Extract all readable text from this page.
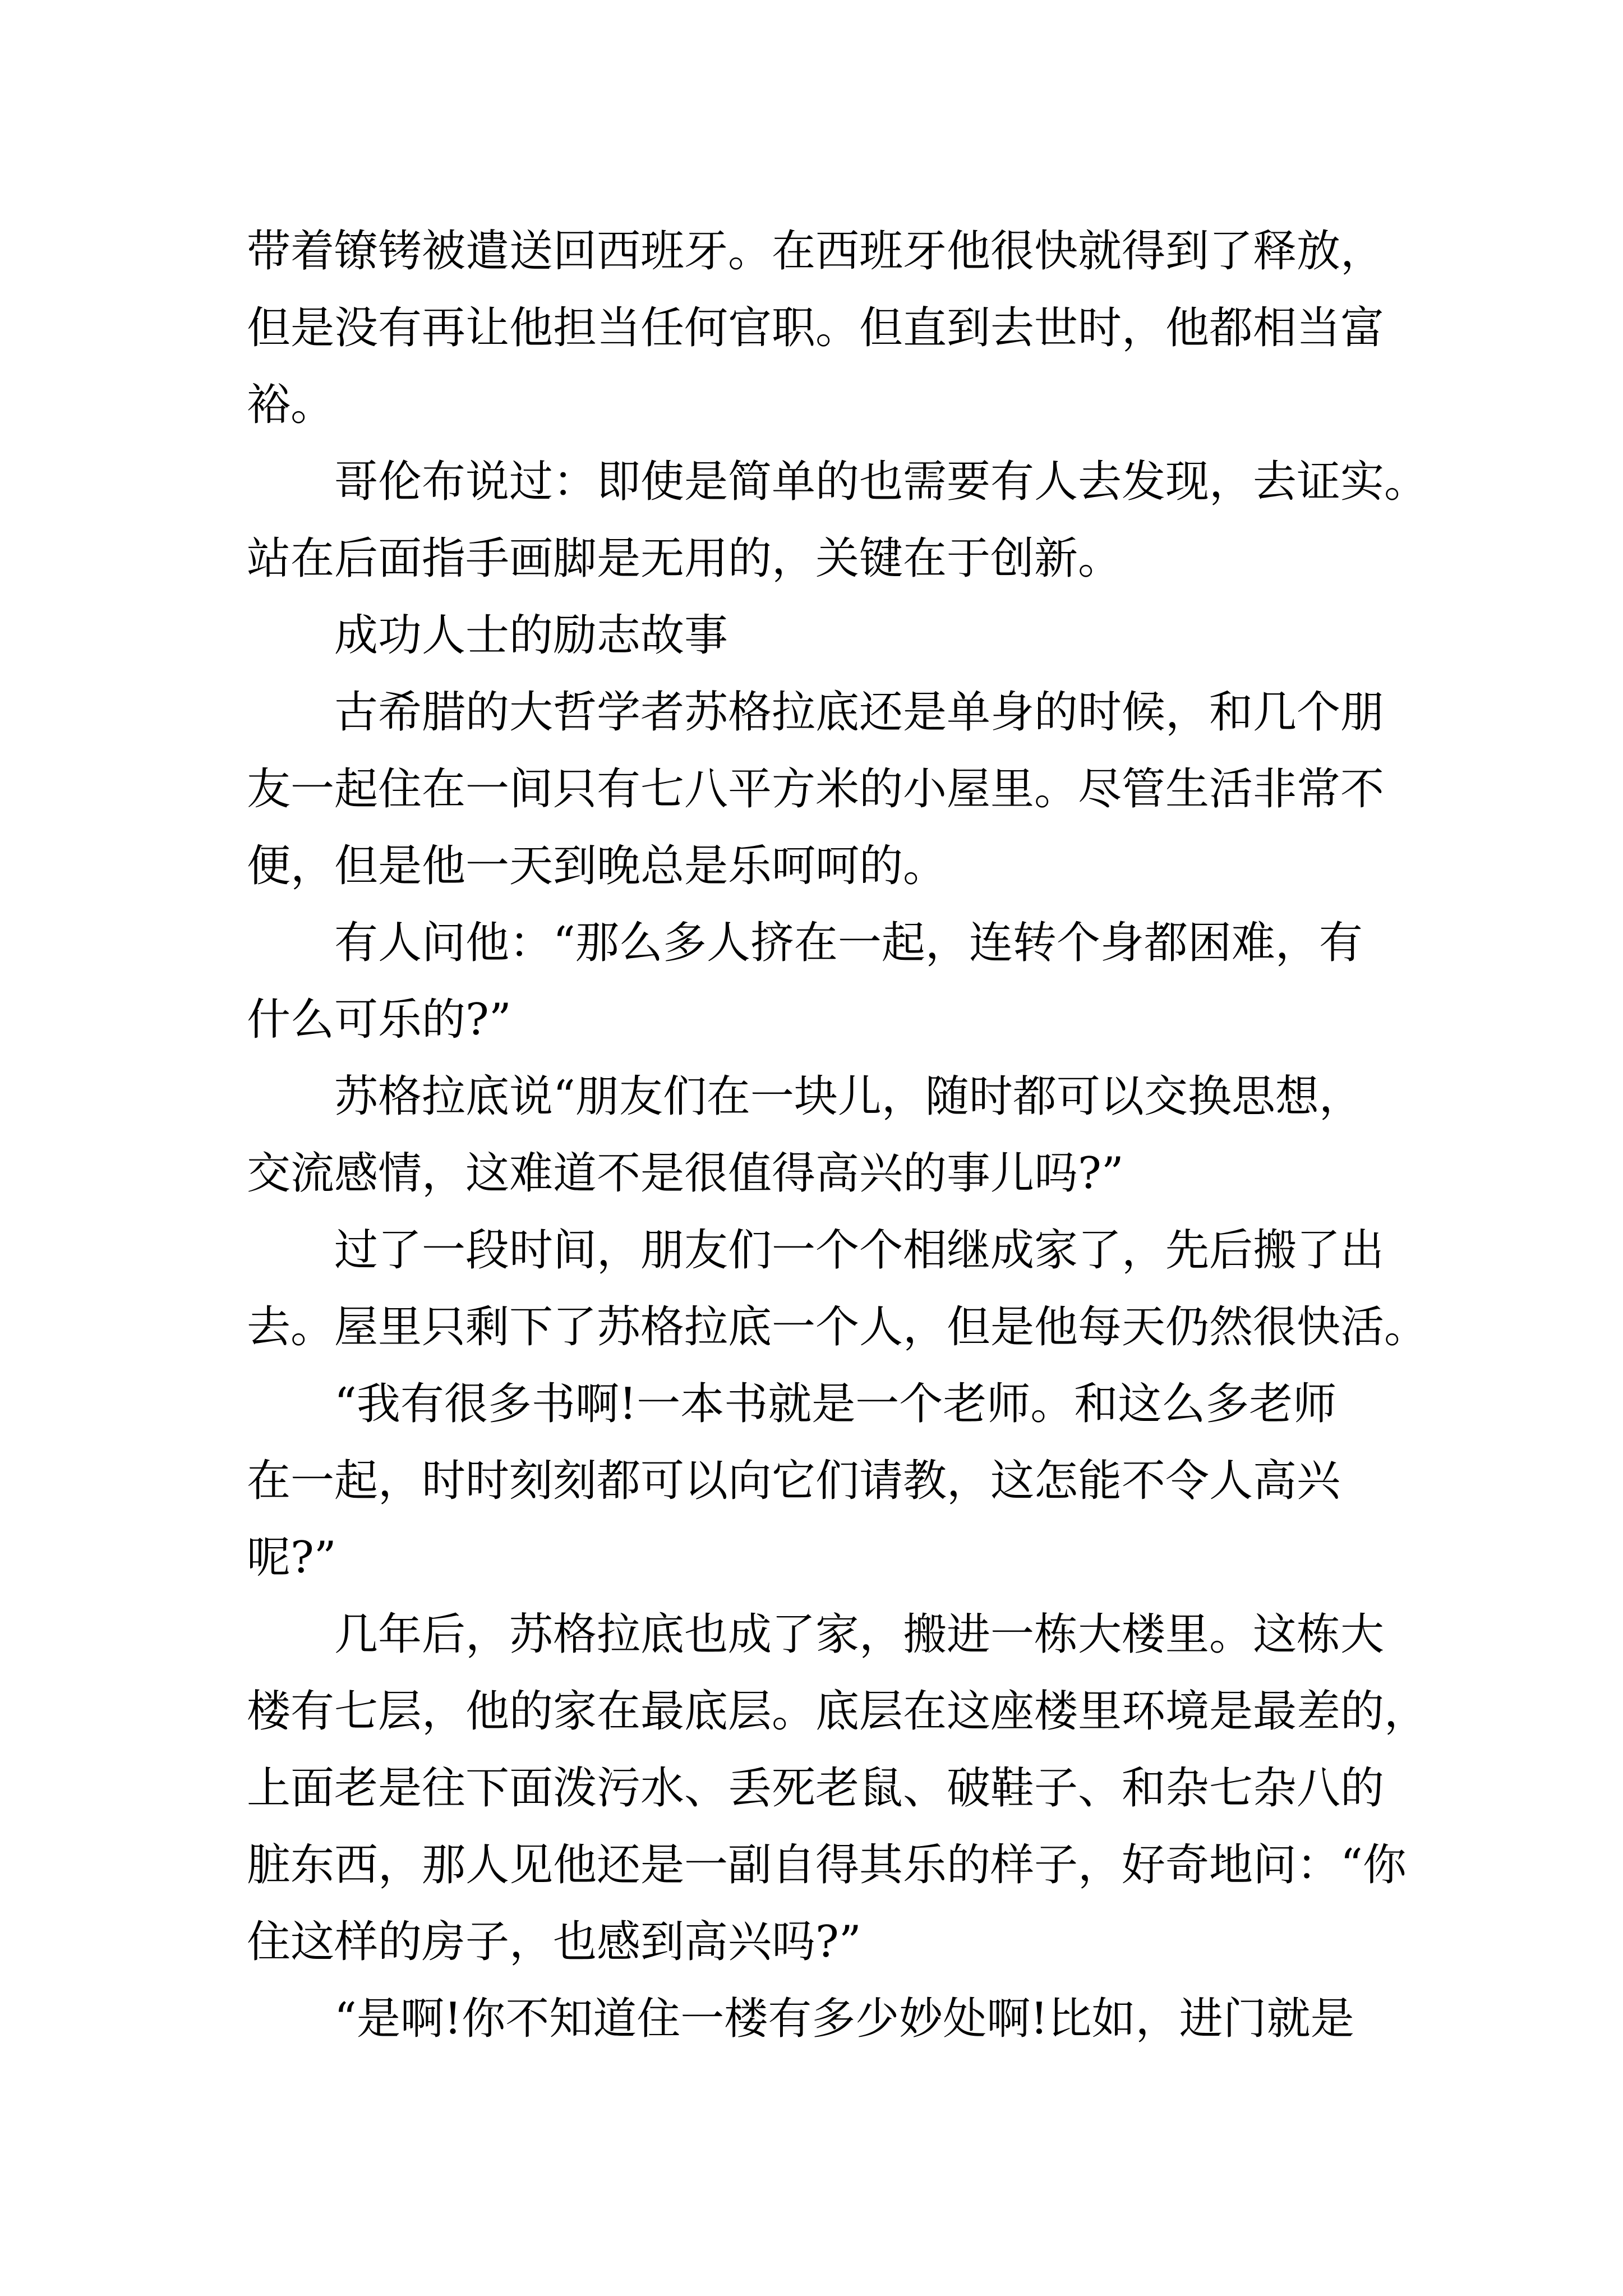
带着镣铐被遣送回西班牙。在西班牙他很快就得到了释放，
但是没有再让他担当任何官职。但直到去世时，他都相当富
裕。

哥伦布说过：即使是简单的也需要有人去发现，去证实。
站在后面指手画脚是无用的，关键在于创新。

成功人士的励志故事

古希腊的大哲学者苏格拉底还是单身的时候，和几个朋
友一起住在一间只有七八平方米的小屋里。尽管生活非常不
便，但是他一天到晚总是乐呵呵的。

有人问他：“那么多人挤在一起，连转个身都困难，有
什么可乐的?”

苏格拉底说“朋友们在一块儿，随时都可以交换思想，
交流感情，这难道不是很值得高兴的事儿吗?”

过了一段时间，朋友们一个个相继成家了，先后搬了出
去。屋里只剩下了苏格拉底一个人，但是他每天仍然很快活。

“我有很多书啊!一本书就是一个老师。和这么多老师
在一起，时时刻刻都可以向它们请教，这怎能不令人高兴
呢?”

几年后，苏格拉底也成了家，搬进一栋大楼里。这栋大
楼有七层，他的家在最底层。底层在这座楼里环境是最差的，
上面老是往下面泼污水、丢死老鼠、破鞋子、和杂七杂八的
脏东西，那人见他还是一副自得其乐的样子，好奇地问：“你
住这样的房子，也感到高兴吗?”

“是啊!你不知道住一楼有多少妙处啊!比如，进门就是
